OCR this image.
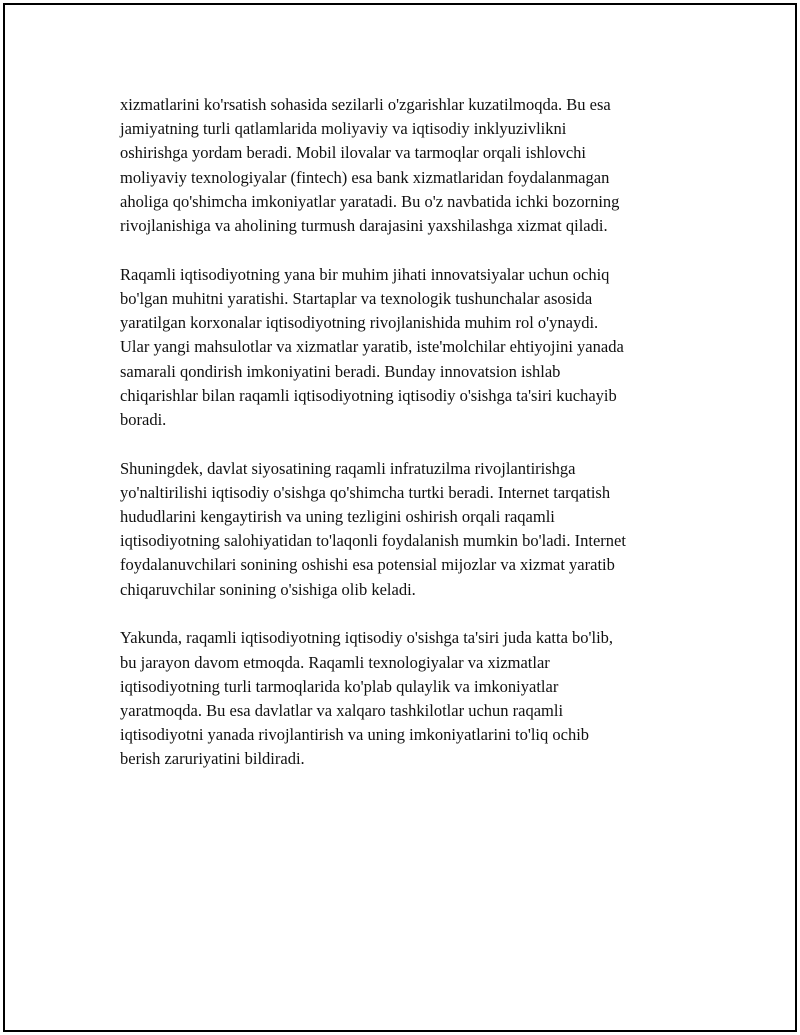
xizmatlarini ko'rsatish sohasida sezilarli o'zgarishlar kuzatilmoqda. Bu esa
jamiyatning turli qatlamlarida moliyaviy va iqtisodiy inklyuzivlikni
oshirishga yordam beradi. Mobil ilovalar va tarmoqlar orqali ishlovchi
moliyaviy texnologiyalar (fintech) esa bank xizmatlaridan foydalanmagan
aholiga qo'shimcha imkoniyatlar yaratadi. Bu o'z navbatida ichki bozorning
rivojlanishiga va aholining turmush darajasini yaxshilashga xizmat qiladi.

Raqamli iqtisodiyotning yana bir muhim jihati innovatsiyalar uchun ochiq
bo'lgan muhitni yaratishi. Startaplar va texnologik tushunchalar asosida
yaratilgan korxonalar iqtisodiyotning rivojlanishida muhim rol o'ynaydi.
Ular yangi mahsulotlar va xizmatlar yaratib, iste'molchilar ehtiyojini yanada
samarali qondirish imkoniyatini beradi. Bunday innovatsion ishlab
chiqarishlar bilan raqamli iqtisodiyotning iqtisodiy o'sishga ta'siri kuchayib
boradi.

Shuningdek, davlat siyosatining raqamli infratuzilma rivojlantirishga
yo'naltirilishi iqtisodiy o'sishga qo'shimcha turtki beradi. Internet tarqatish
hududlarini kengaytirish va uning tezligini oshirish orqali raqamli
iqtisodiyotning salohiyatidan to'laqonli foydalanish mumkin bo'ladi. Internet
foydalanuvchilari sonining oshishi esa potensial mijozlar va xizmat yaratib
chiqaruvchilar sonining o'sishiga olib keladi.

Yakunda, raqamli iqtisodiyotning iqtisodiy o'sishga ta'siri juda katta bo'lib,
bu jarayon davom etmoqda. Raqamli texnologiyalar va xizmatlar
iqtisodiyotning turli tarmoqlarida ko'plab qulaylik va imkoniyatlar
yaratmoqda. Bu esa davlatlar va xalqaro tashkilotlar uchun raqamli
iqtisodiyotni yanada rivojlantirish va uning imkoniyatlarini to'liq ochib
berish zaruriyatini bildiradi.
